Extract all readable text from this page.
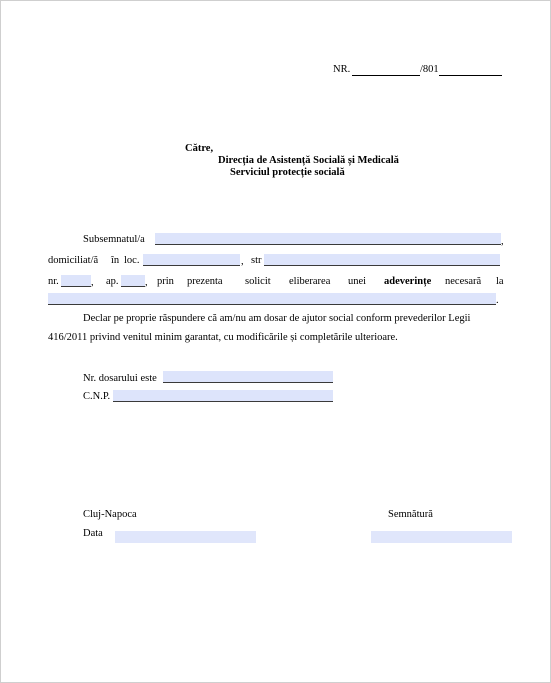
NR.	/801
Către,
Direcția de Asistență Socială și Medicală
Serviciul protecție socială
Subsemnatul/a	,
domiciliat/ă în loc.	, str
nr.	, ap.	, prin prezenta solicit eliberarea unei adeverințe necesară la
.
Declar pe proprie răspundere că am/nu am dosar de ajutor social conform prevederilor Legii
416/2011 privind venitul minim garantat, cu modificările și completările ulterioare.
Nr. dosarului este
C.N.P.
Cluj-Napoca	Semnătură
Data
